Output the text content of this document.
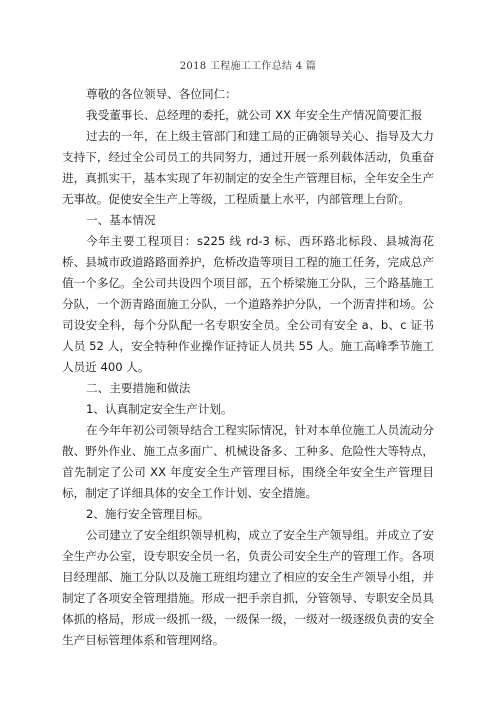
2018 工程施工工作总结 4 篇

尊敬的各位领导、各位同仁：

我受董事长、总经理的委托，就公司 XX 年安全生产情况简要汇报

过去的一年，在上级主管部门和建工局的正确领导关心、指导及大力支持下，经过全公司员工的共同努力，通过开展一系列载体活动，负重奋进，真抓实干，基本实现了年初制定的安全生产管理目标，全年安全生产无事故。促使安全生产上等级，工程质量上水平，内部管理上台阶。

一、基本情况

今年主要工程项目：s225 线 rd-3 标、西环路北标段、县城海花桥、县城市政道路路面养护，危桥改造等项目工程的施工任务，完成总产值一个多亿。全公司共设四个项目部，五个桥梁施工分队，三个路基施工分队，一个沥青路面施工分队，一个道路养护分队，一个沥青拌和场。公司设安全科，每个分队配一名专职安全员。全公司有安全 a、b、c 证书人员 52 人，安全特种作业操作证持证人员共 55 人。施工高峰季节施工人员近 400 人。

二、主要措施和做法

1、认真制定安全生产计划。

在今年年初公司领导结合工程实际情况，针对本单位施工人员流动分散、野外作业、施工点多面广、机械设备多、工种多、危险性大等特点，首先制定了公司 XX 年度安全生产管理目标，围绕全年安全生产管理目标，制定了详细具体的安全工作计划、安全措施。

2、施行安全管理目标。

公司建立了安全组织领导机构，成立了安全生产领导组。并成立了安全生产办公室，设专职安全员一名，负责公司安全生产的管理工作。各项目经理部、施工分队以及施工班组均建立了相应的安全生产领导小组，并制定了各项安全管理措施。形成一把手亲自抓，分管领导、专职安全员具体抓的格局，形成一级抓一级，一级保一级，一级对一级逐级负责的安全生产目标管理体系和管理网络。
